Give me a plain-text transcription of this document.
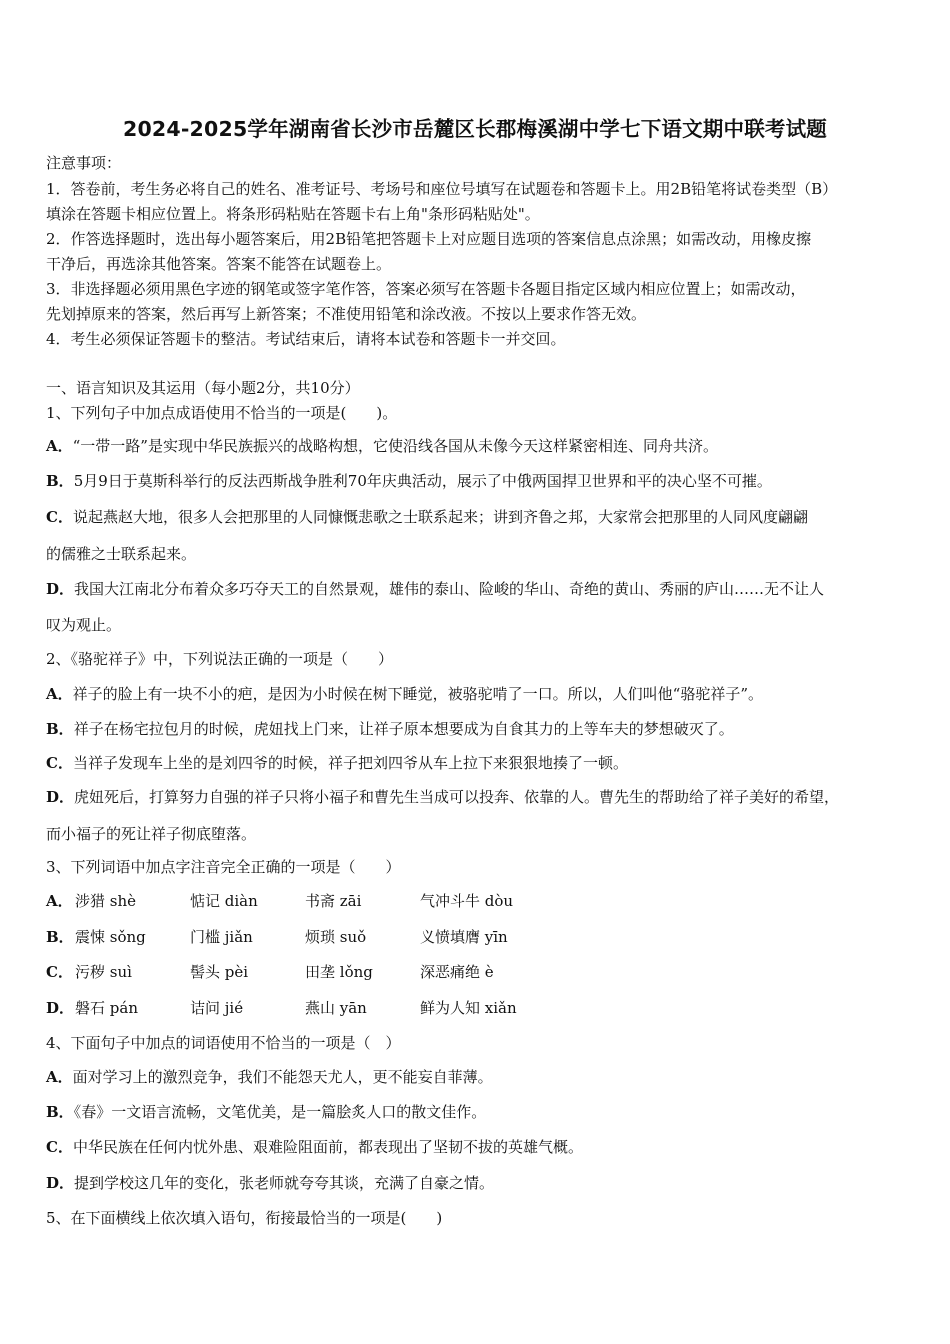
2024-2025学年湖南省长沙市岳麓区长郡梅溪湖中学七下语文期中联考试题
注意事项：
1．答卷前，考生务必将自己的姓名、准考证号、考场号和座位号填写在试题卷和答题卡上。用2B铅笔将试卷类型（B）
填涂在答题卡相应位置上。将条形码粘贴在答题卡右上角"条形码粘贴处"。
2．作答选择题时，选出每小题答案后，用2B铅笔把答题卡上对应题目选项的答案信息点涂黑；如需改动，用橡皮擦
干净后，再选涂其他答案。答案不能答在试题卷上。
3．非选择题必须用黑色字迹的钢笔或签字笔作答，答案必须写在答题卡各题目指定区域内相应位置上；如需改动，
先划掉原来的答案，然后再写上新答案；不准使用铅笔和涂改液。不按以上要求作答无效。
4．考生必须保证答题卡的整洁。考试结束后，请将本试卷和答题卡一并交回。
一、语言知识及其运用（每小题2分，共10分）
1、下列句子中加点成语使用不恰当的一项是(　　)。
A．“一带一路”是实现中华民族振兴的战略构想，它使沿线各国从未像今天这样紧密相连、同舟共济。
B．5月9日于莫斯科举行的反法西斯战争胜利70年庆典活动，展示了中俄两国捍卫世界和平的决心坚不可摧。
C．说起燕赵大地，很多人会把那里的人同慷慨悲歌之士联系起来；讲到齐鲁之邦，大家常会把那里的人同风度翩翩
的儒雅之士联系起来。
D．我国大江南北分布着众多巧夺天工的自然景观，雄伟的泰山、险峻的华山、奇绝的黄山、秀丽的庐山……无不让人
叹为观止。
2、《骆驼祥子》中，下列说法正确的一项是（　　）
A．祥子的脸上有一块不小的疤，是因为小时候在树下睡觉，被骆驼啃了一口。所以，人们叫他“骆驼祥子”。
B．祥子在杨宅拉包月的时候，虎妞找上门来，让祥子原本想要成为自食其力的上等车夫的梦想破灭了。
C．当祥子发现车上坐的是刘四爷的时候，祥子把刘四爷从车上拉下来狠狠地揍了一顿。
D．虎妞死后，打算努力自强的祥子只将小福子和曹先生当成可以投奔、依靠的人。曹先生的帮助给了祥子美好的希望，
而小福子的死让祥子彻底堕落。
3、下列词语中加点字注音完全正确的一项是（　　）
A． 涉猎 shè	惦记 diàn	书斋 zāi	气冲斗牛 dòu
B．震悚 sǒng	门槛 jiǎn	烦琐 suǒ	义愤填膺 yīn
C． 污秽 suì	髻头 pèi	田垄 lǒng	深恶痛绝 è
D．磐石 pán	诘问 jié	燕山 yān	鲜为人知 xiǎn
4、下面句子中加点的词语使用不恰当的一项是（　）
A．面对学习上的激烈竞争，我们不能怨天尤人，更不能妄自菲薄。
B．《春》一文语言流畅，文笔优美，是一篇脍炙人口的散文佳作。
C．中华民族在任何内忧外患、艰难险阻面前，都表现出了坚韧不拔的英雄气概。
D．提到学校这几年的变化，张老师就夸夸其谈，充满了自豪之情。
5、在下面横线上依次填入语句，衔接最恰当的一项是(　　)
